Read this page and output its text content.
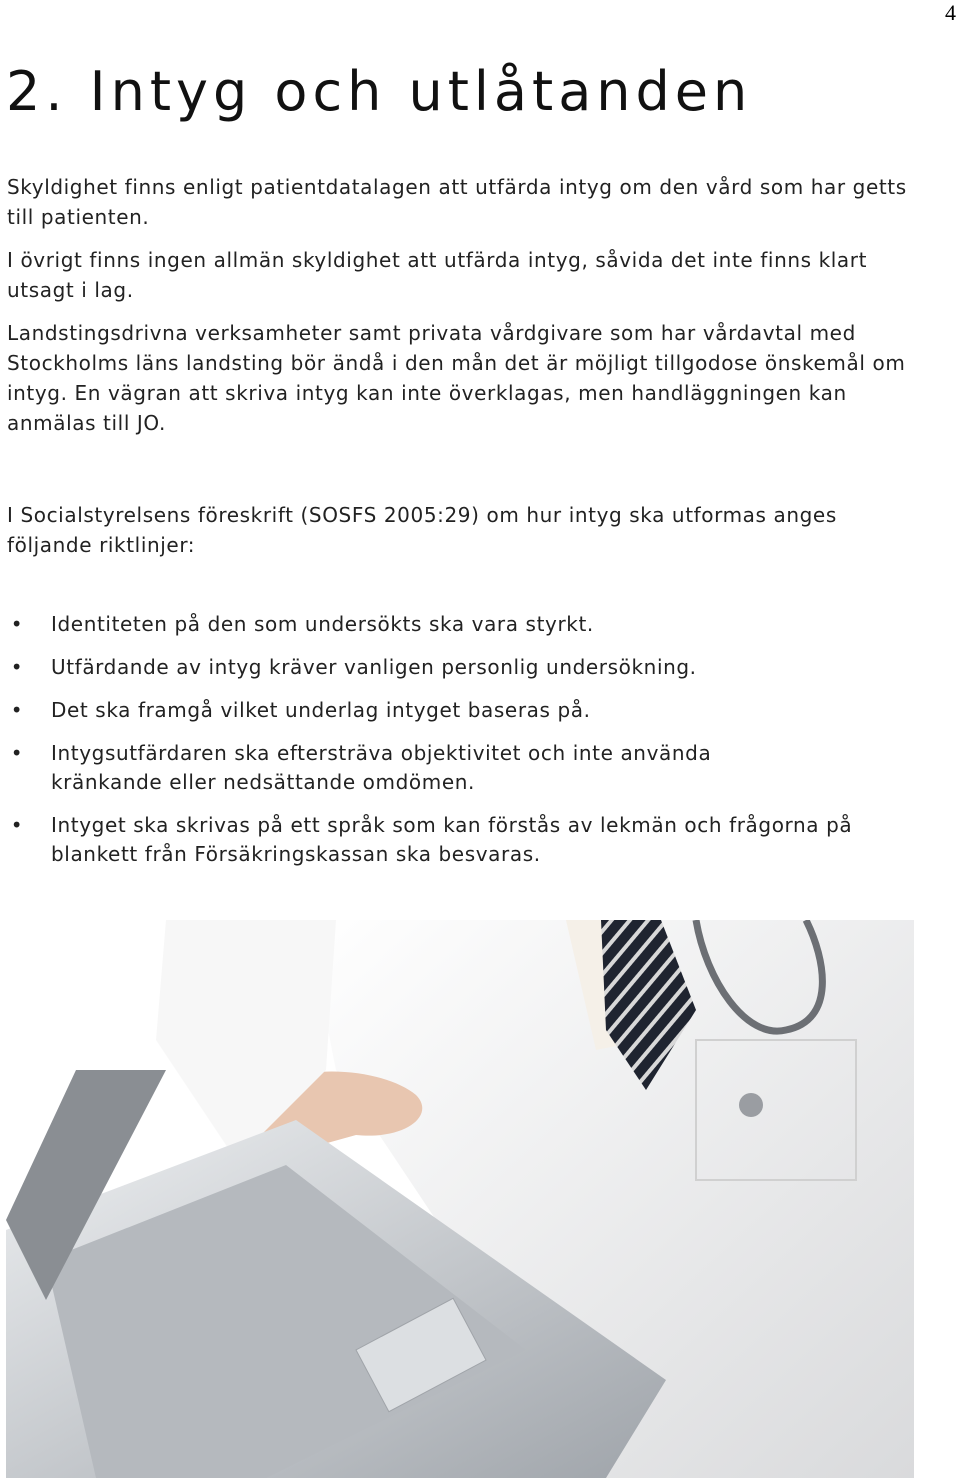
4
2. Intyg och utlåtanden

Skyldighet finns enligt patientdatalagen att utfärda intyg om den vård som har getts till patienten.

I övrigt finns ingen allmän skyldighet att utfärda intyg, såvida det inte finns klart utsagt i lag.

Landstingsdrivna verksamheter samt privata vårdgivare som har vårdavtal med Stockholms läns landsting bör ändå i den mån det är möjligt tillgodose önskemål om intyg. En vägran att skriva intyg kan inte överklagas, men handläggningen kan anmälas till JO.

I Socialstyrelsens föreskrift (SOSFS 2005:29) om hur intyg ska utformas anges följande riktlinjer:

• Identiteten på den som undersökts ska vara styrkt.
• Utfärdande av intyg kräver vanligen personlig undersökning.
• Det ska framgå vilket underlag intyget baseras på.
• Intygsutfärdaren ska eftersträva objektivitet och inte använda kränkande eller nedsättande omdömen.
• Intyget ska skrivas på ett språk som kan förstås av lekmän och frågorna på blankett från Försäkringskassan ska besvaras.
